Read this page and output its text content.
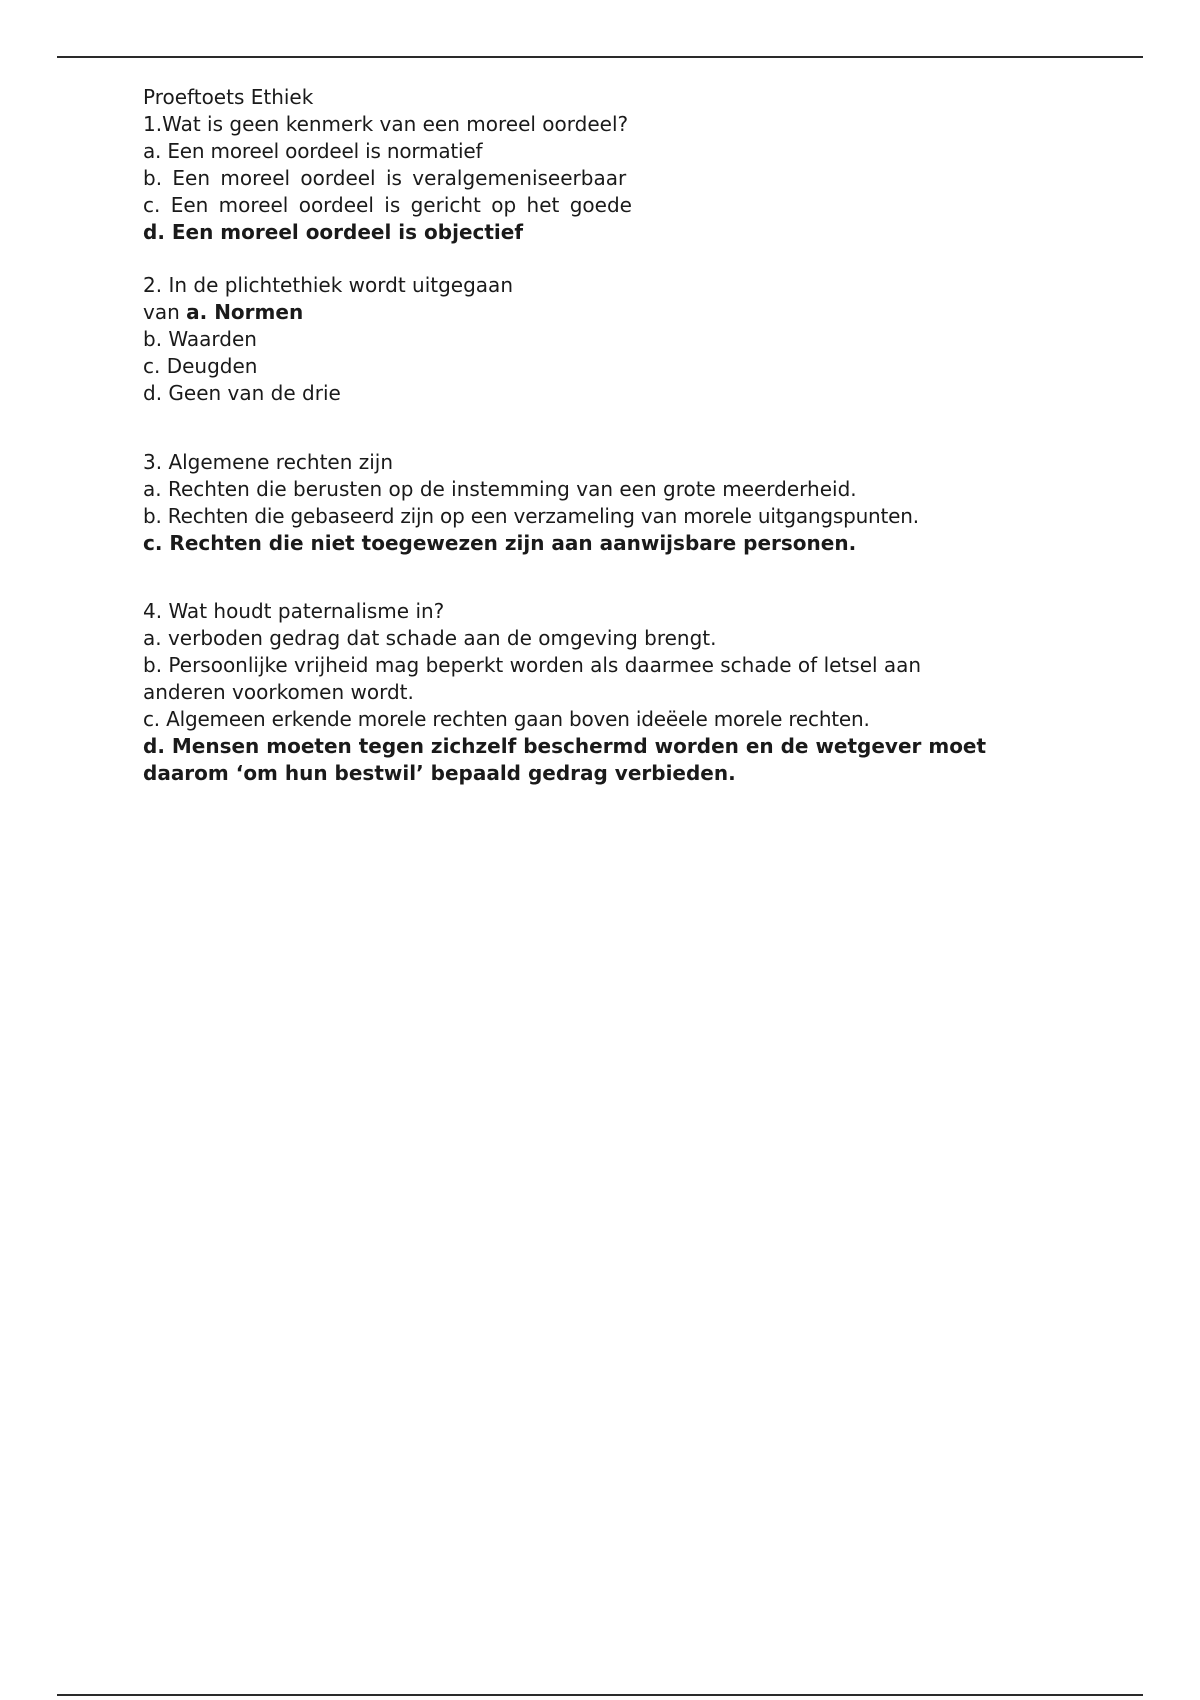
Proeftoets Ethiek
1.Wat is geen kenmerk van een moreel oordeel?
a. Een moreel oordeel is normatief
b. Een moreel oordeel is veralgemeniseerbaar
c. Een moreel oordeel is gericht op het goede
d. Een moreel oordeel is objectief
2. In de plichtethiek wordt uitgegaan
van a. Normen
b. Waarden
c. Deugden
d. Geen van de drie
3. Algemene rechten zijn
a. Rechten die berusten op de instemming van een grote meerderheid.
b. Rechten die gebaseerd zijn op een verzameling van morele uitgangspunten.
c. Rechten die niet toegewezen zijn aan aanwijsbare personen.
4. Wat houdt paternalisme in?
a. verboden gedrag dat schade aan de omgeving brengt.
b. Persoonlijke vrijheid mag beperkt worden als daarmee schade of letsel aan anderen voorkomen wordt.
c. Algemeen erkende morele rechten gaan boven ideëele morele rechten.
d. Mensen moeten tegen zichzelf beschermd worden en de wetgever moet daarom ‘om hun bestwil’ bepaald gedrag verbieden.
